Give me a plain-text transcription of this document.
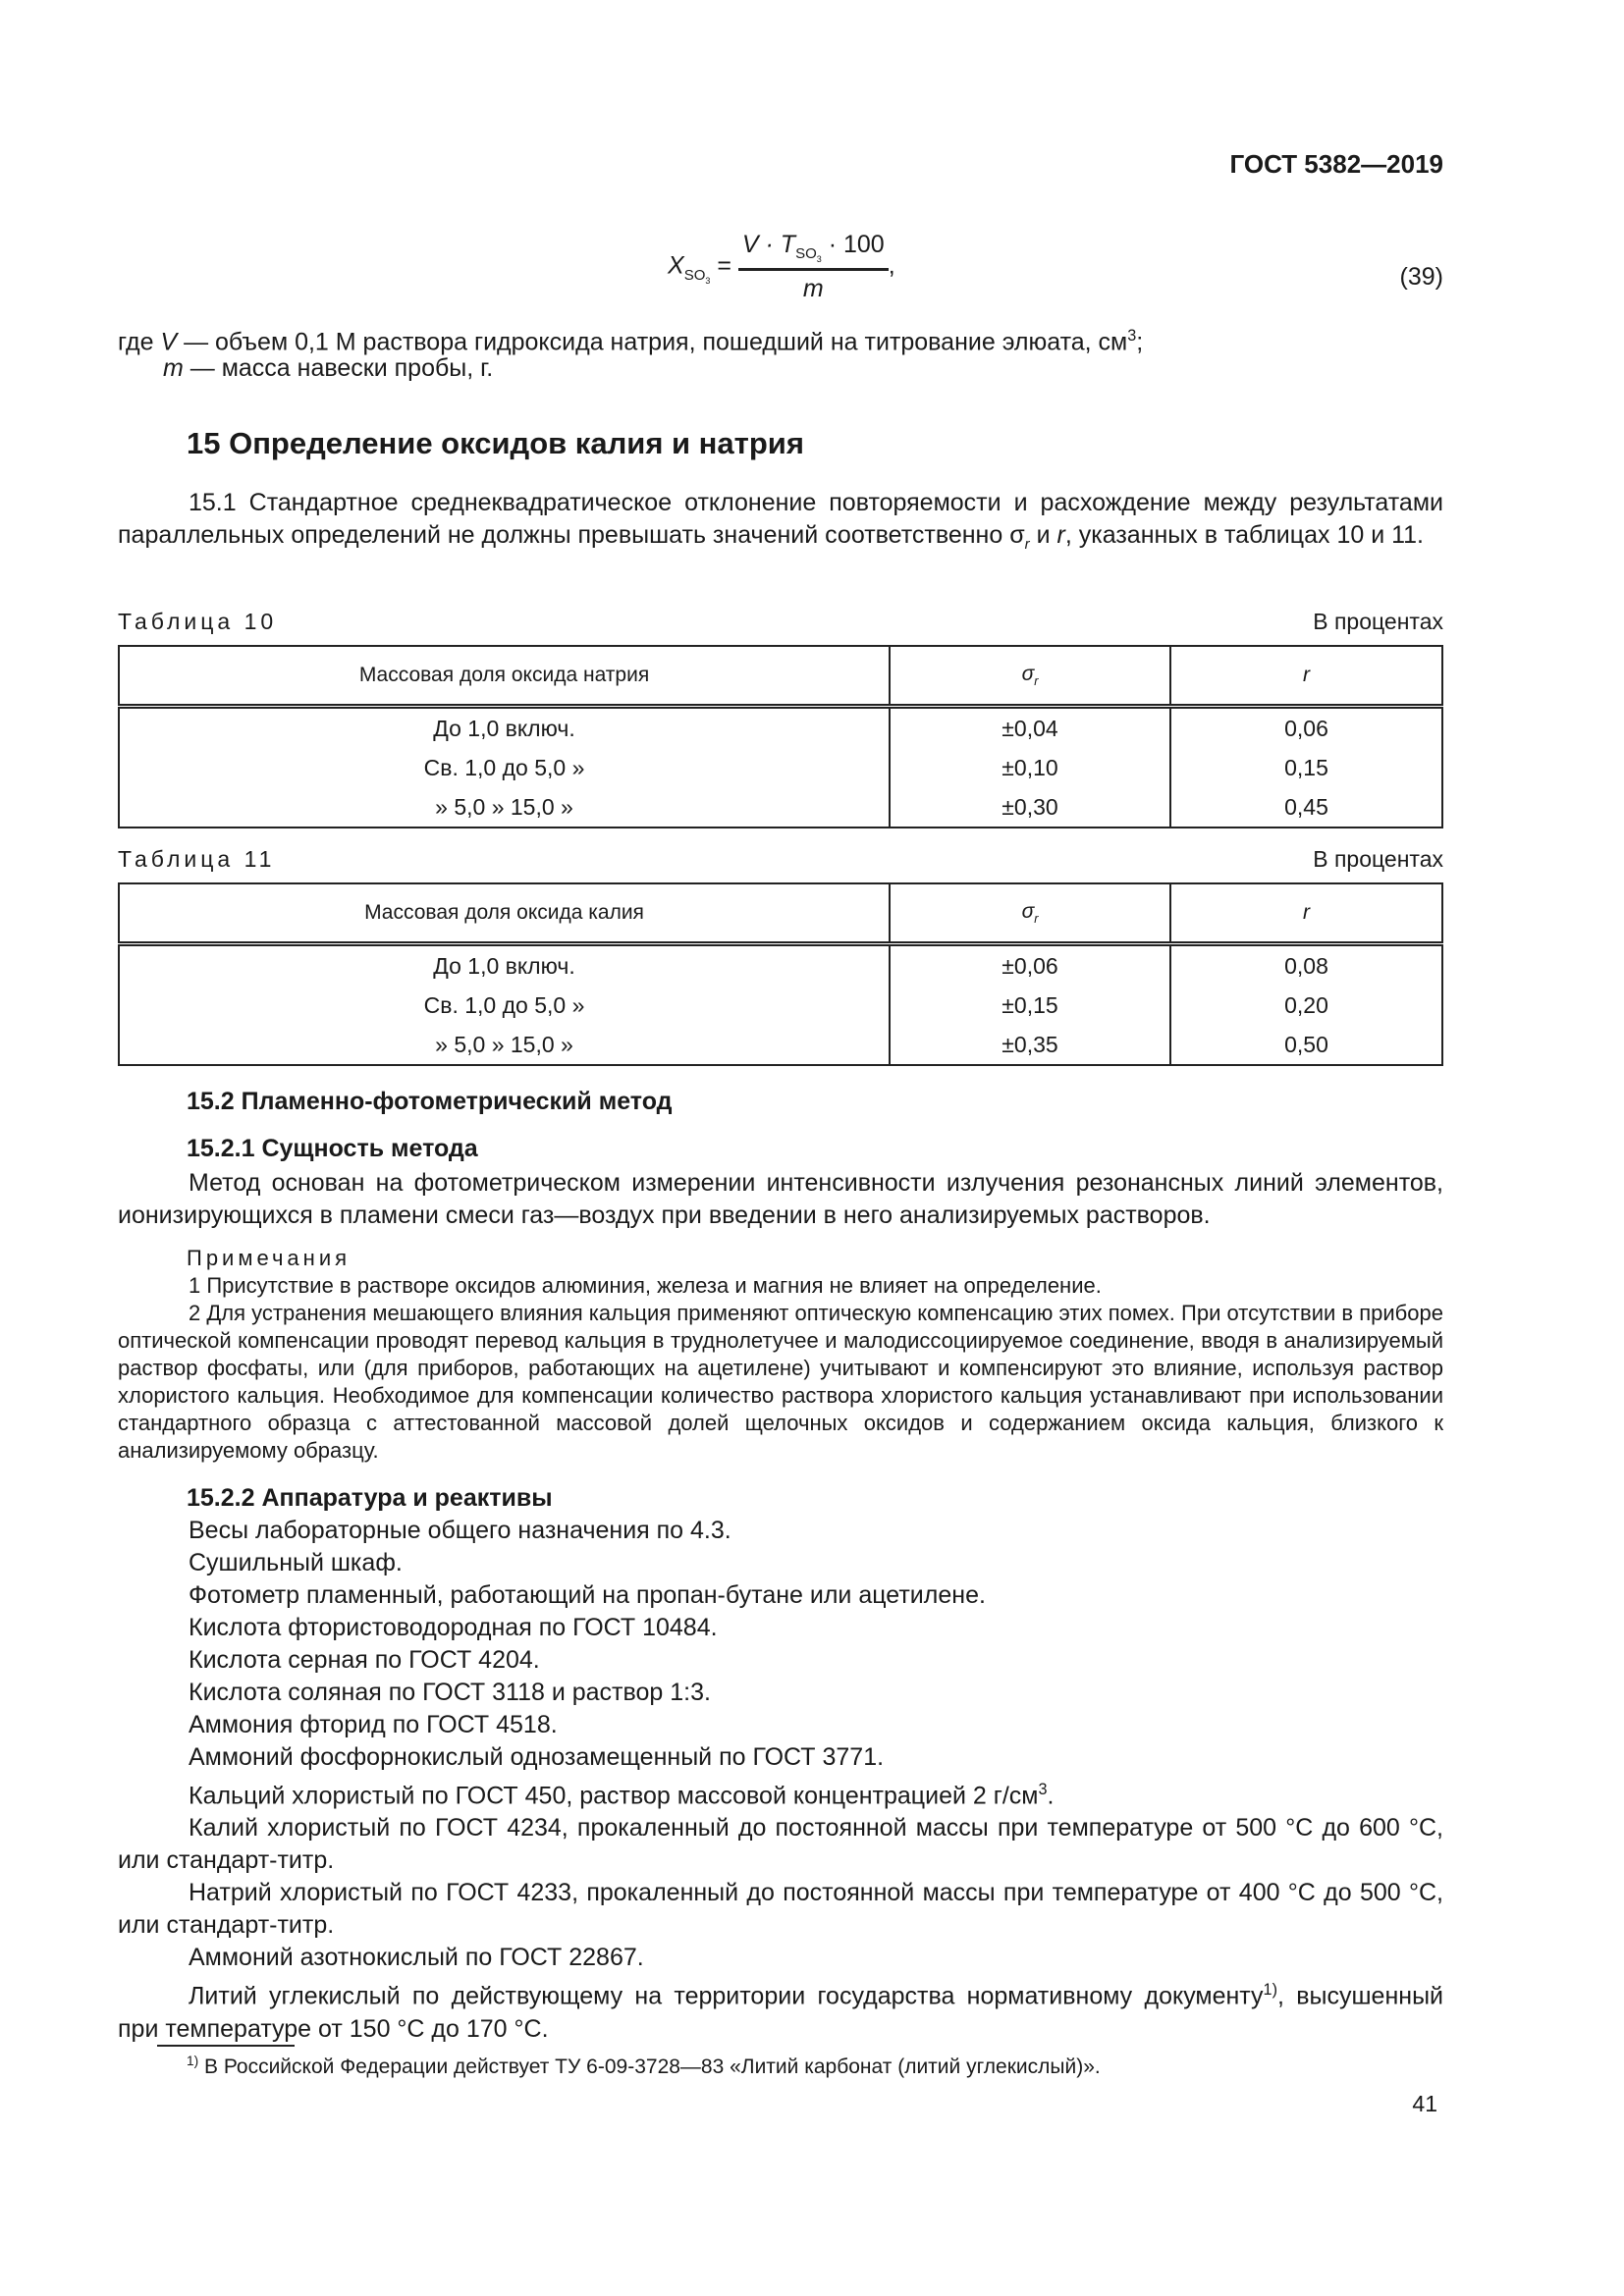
ГОСТ 5382—2019
$X_{SO_3} = \frac{V \cdot T_{SO_3} \cdot 100}{m}$ ,	(39)
где V — объем 0,1 М раствора гидроксида натрия, пошедший на титрование элюата, $см^3$;
m — масса навески пробы, г.
15 Определение оксидов калия и натрия
15.1 Стандартное среднеквадратическое отклонение повторяемости и расхождение между результатами параллельных определений не должны превышать значений соответственно $\sigma_r$ и r, указанных в таблицах 10 и 11.
Таблица 10	В процентах
Массовая доля оксида натрия	$\sigma_r$	r
До 1,0 включ.	±0,04	0,06
Св. 1,0 до 5,0 »	±0,10	0,15
» 5,0 » 15,0 »	±0,30	0,45
Таблица 11	В процентах
Массовая доля оксида калия	$\sigma_r$	r
До 1,0 включ.	±0,06	0,08
Св. 1,0 до 5,0 »	±0,15	0,20
» 5,0 » 15,0 »	±0,35	0,50
15.2 Пламенно-фотометрический метод
15.2.1 Сущность метода
Метод основан на фотометрическом измерении интенсивности излучения резонансных линий элементов, ионизирующихся в пламени смеси газ—воздух при введении в него анализируемых растворов.
Примечания
1 Присутствие в растворе оксидов алюминия, железа и магния не влияет на определение.
2 Для устранения мешающего влияния кальция применяют оптическую компенсацию этих помех. При отсутствии в приборе оптической компенсации проводят перевод кальция в труднолетучее и малодиссоциируемое соединение, вводя в анализируемый раствор фосфаты, или (для приборов, работающих на ацетилене) учитывают и компенсируют это влияние, используя раствор хлористого кальция. Необходимое для компенсации количество раствора хлористого кальция устанавливают при использовании стандартного образца с аттестованной массовой долей щелочных оксидов и содержанием оксида кальция, близкого к анализируемому образцу.
15.2.2 Аппаратура и реактивы
Весы лабораторные общего назначения по 4.3.
Сушильный шкаф.
Фотометр пламенный, работающий на пропан-бутане или ацетилене.
Кислота фтористоводородная по ГОСТ 10484.
Кислота серная по ГОСТ 4204.
Кислота соляная по ГОСТ 3118 и раствор 1:3.
Аммония фторид по ГОСТ 4518.
Аммоний фосфорнокислый однозамещенный по ГОСТ 3771.
Кальций хлористый по ГОСТ 450, раствор массовой концентрацией 2 $г/см^3$.
Калий хлористый по ГОСТ 4234, прокаленный до постоянной массы при температуре от 500 °С до 600 °С, или стандарт-титр.
Натрий хлористый по ГОСТ 4233, прокаленный до постоянной массы при температуре от 400 °С до 500 °С, или стандарт-титр.
Аммоний азотнокислый по ГОСТ 22867.
Литий углекислый по действующему на территории государства нормативному документу$^{1)}$, высушенный при температуре от 150 °С до 170 °С.
$^{1)}$ В Российской Федерации действует ТУ 6-09-3728—83 «Литий карбонат (литий углекислый)».
41
